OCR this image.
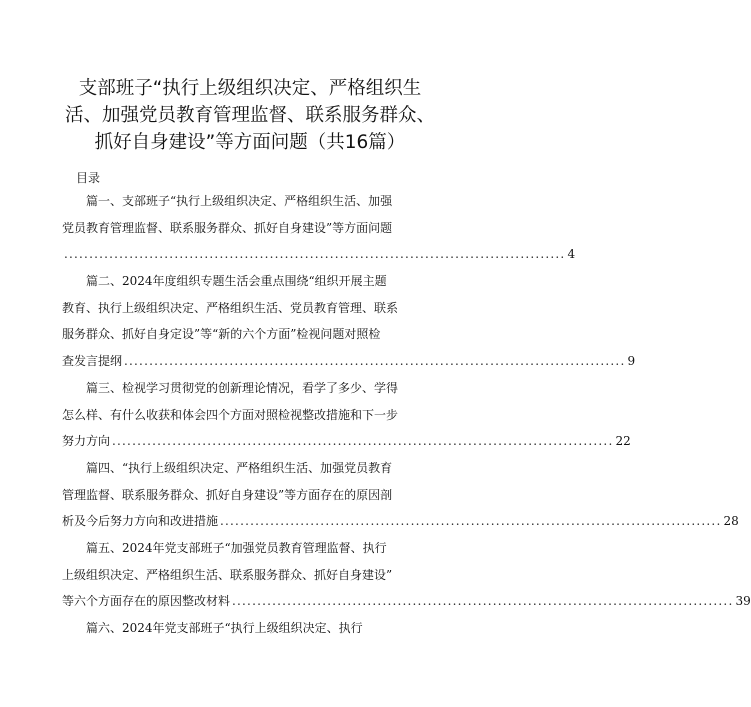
支部班子“执行上级组织决定、严格组织生
活、加强党员教育管理监督、联系服务群众、
抓好自身建设”等方面问题（共16篇）
目录
篇一、支部班子“执行上级组织决定、严格组织生活、加强
党员教育管理监督、联系服务群众、抓好自身建设”等方面问题
.................................................................................................... 4
篇二、2024年度组织专题生活会重点围绕“组织开展主题
教育、执行上级组织决定、严格组织生活、党员教育管理、联系
服务群众、抓好自身定设”等“新的六个方面”检视问题对照检
查发言提纲 .................................................................................................... 9
篇三、检视学习贯彻党的创新理论情况，看学了多少、学得
怎么样、有什么收获和体会四个方面对照检视整改措施和下一步
努力方向 .................................................................................................... 22
篇四、“执行上级组织决定、严格组织生活、加强党员教育
管理监督、联系服务群众、抓好自身建设”等方面存在的原因剖
析及今后努力方向和改进措施 .................................................................................................... 28
篇五、2024年党支部班子“加强党员教育管理监督、执行
上级组织决定、严格组织生活、联系服务群众、抓好自身建设”
等六个方面存在的原因整改材料 .................................................................................................... 39
篇六、2024年党支部班子“执行上级组织决定、执行
